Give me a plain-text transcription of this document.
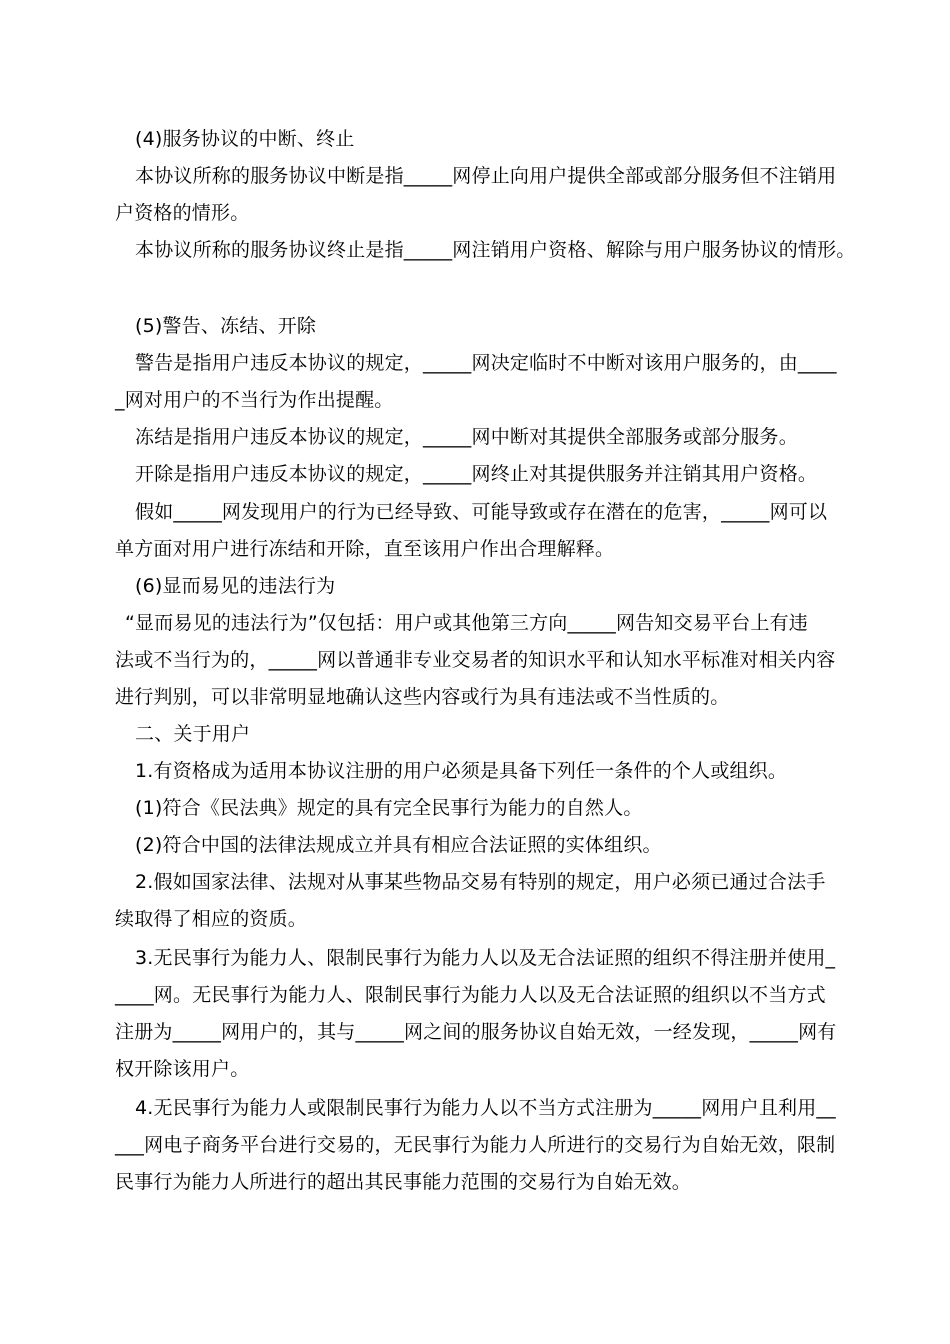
(4)服务协议的中断、终止
本协议所称的服务协议中断是指_____网停止向用户提供全部或部分服务但不注销用
户资格的情形。
本协议所称的服务协议终止是指_____网注销用户资格、解除与用户服务协议的情形。
(5)警告、冻结、开除
警告是指用户违反本协议的规定，_____网决定临时不中断对该用户服务的，由____
_网对用户的不当行为作出提醒。
冻结是指用户违反本协议的规定，_____网中断对其提供全部服务或部分服务。
开除是指用户违反本协议的规定，_____网终止对其提供服务并注销其用户资格。
假如_____网发现用户的行为已经导致、可能导致或存在潜在的危害，_____网可以
单方面对用户进行冻结和开除，直至该用户作出合理解释。
(6)显而易见的违法行为
“显而易见的违法行为”仅包括：用户或其他第三方向_____网告知交易平台上有违
法或不当行为的，_____网以普通非专业交易者的知识水平和认知水平标准对相关内容
进行判别，可以非常明显地确认这些内容或行为具有违法或不当性质的。
二、关于用户
1.有资格成为适用本协议注册的用户必须是具备下列任一条件的个人或组织。
(1)符合《民法典》规定的具有完全民事行为能力的自然人。
(2)符合中国的法律法规成立并具有相应合法证照的实体组织。
2.假如国家法律、法规对从事某些物品交易有特别的规定，用户必须已通过合法手
续取得了相应的资质。
3.无民事行为能力人、限制民事行为能力人以及无合法证照的组织不得注册并使用_
____网。无民事行为能力人、限制民事行为能力人以及无合法证照的组织以不当方式
注册为_____网用户的，其与_____网之间的服务协议自始无效，一经发现，_____网有
权开除该用户。
4.无民事行为能力人或限制民事行为能力人以不当方式注册为_____网用户且利用__
___网电子商务平台进行交易的，无民事行为能力人所进行的交易行为自始无效，限制
民事行为能力人所进行的超出其民事能力范围的交易行为自始无效。
